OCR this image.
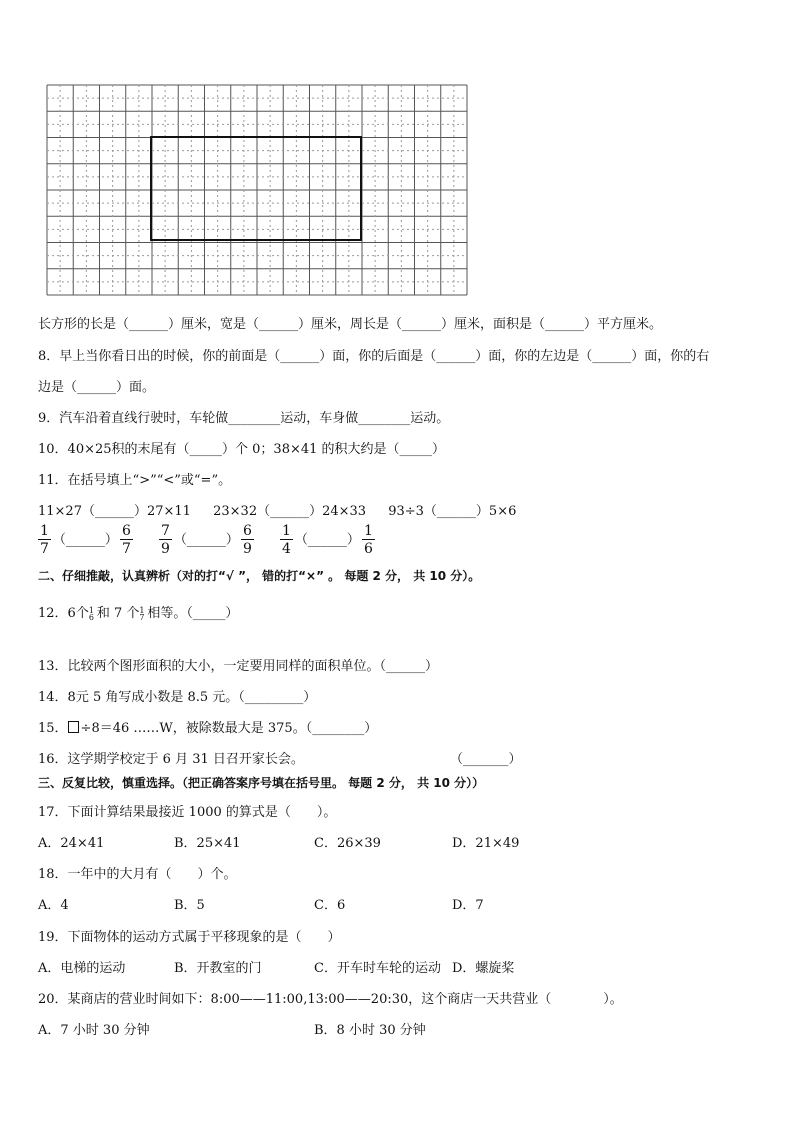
长方形的长是（______）厘米，宽是（______）厘米，周长是（______）厘米，面积是（______）平方厘米。
8．早上当你看日出的时候，你的前面是（______）面，你的后面是（______）面，你的左边是（______）面，你的右
边是（______）面。
9．汽车沿着直线行驶时，车轮做________运动，车身做________运动。
10．40×25积的末尾有（_____）个 0；38×41 的积大约是（_____）
11．在括号填上“>”“<”或“=”。
11×27（______）27×11 23×32（______）24×33 93÷3（______）5×6
$\frac{1}{7}$ （______） $\frac{6}{7}$
$\frac{7}{9}$ （______） $\frac{6}{9}$
$\frac{1}{4}$ （______） $\frac{1}{6}$
二、仔细推敲，认真辨析（对的打“√ ”， 错的打“×” 。 每题 2 分， 共 10 分）。
12．6个 1
6 和 7 个 1
7 相等。（_____）
13．比较两个图形面积的大小，一定要用同样的面积单位。（______）
14．8元 5 角写成小数是 8.5 元。（_________）
15． ÷8＝46 ……W，被除数最大是 375。（________）
16．这学期学校定于 6 月 31 日召开家长会。	（_______）
三、反复比较，慎重选择。（把正确答案序号填在括号里。 每题 2 分， 共 10 分））
17．下面计算结果最接近 1000 的算式是（　　）。
A．24×41	B．25×41	C．26×39	D．21×49
18．一年中的大月有（　　）个。
A．4	B．5	C．6	D．7
19．下面物体的运动方式属于平移现象的是（　　）
A．电梯的运动	B．开教室的门	C．开车时车轮的运动 D．螺旋桨
20．某商店的营业时间如下：8:00——11:00,13:00——20:30，这个商店一天共营业（　　　　）。
A．7 小时 30 分钟	B．8 小时 30 分钟
